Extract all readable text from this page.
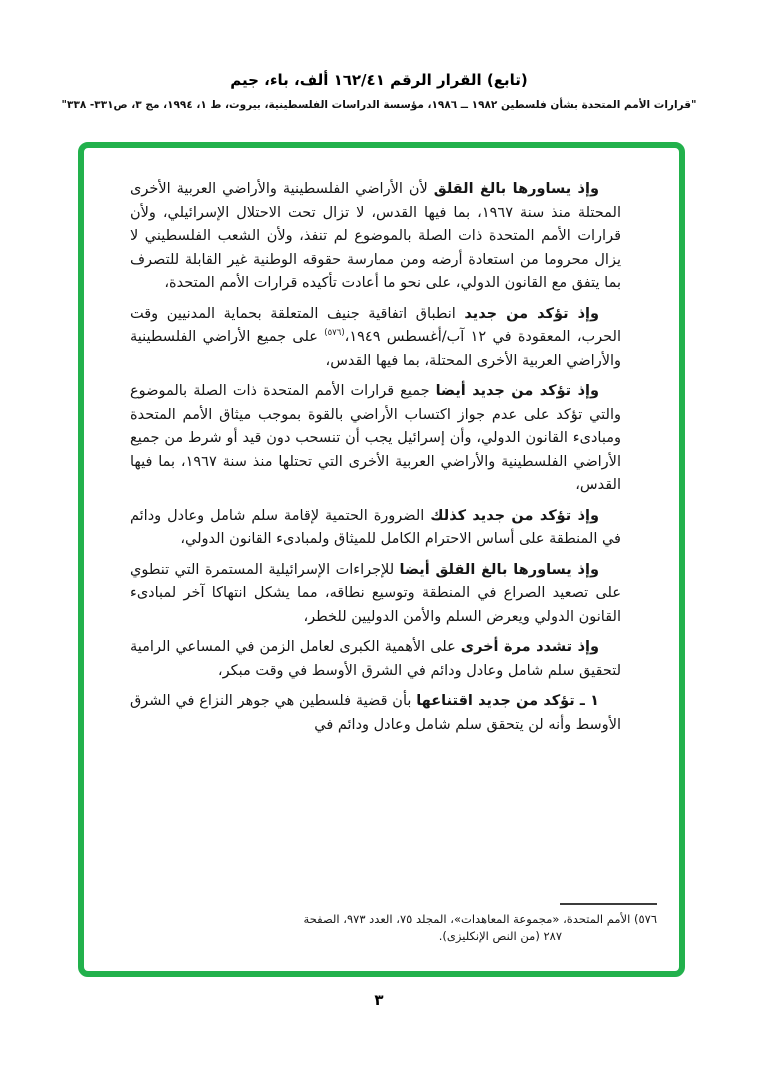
(تابع) القرار الرقم ١٦٢/٤١ ألف، باء، جيم
"قرارات الأمم المتحدة بشأن فلسطين ١٩٨٢ ــ ١٩٨٦، مؤسسة الدراسات الفلسطينية، بيروت، ط ١، ١٩٩٤، مج ٣، ص٣٣١- ٣٣٨"

وإذ يساورها بالغ القلق لأن الأراضي الفلسطينية والأراضي العربية الأخرى المحتلة منذ سنة ١٩٦٧، بما فيها القدس، لا تزال تحت الاحتلال الإسرائيلي، ولأن قرارات الأمم المتحدة ذات الصلة بالموضوع لم تنفذ، ولأن الشعب الفلسطيني لا يزال محروما من استعادة أرضه ومن ممارسة حقوقه الوطنية غير القابلة للتصرف بما يتفق مع القانون الدولي، على نحو ما أعادت تأكيده قرارات الأمم المتحدة،

وإذ تؤكد من جديد انطباق اتفاقية جنيف المتعلقة بحماية المدنيين وقت الحرب، المعقودة في ١٢ آب/أغسطس ١٩٤٩،$^{(٥٧٦)}$ على جميع الأراضي الفلسطينية والأراضي العربية الأخرى المحتلة، بما فيها القدس،

وإذ تؤكد من جديد أيضا جميع قرارات الأمم المتحدة ذات الصلة بالموضوع والتي تؤكد على عدم جواز اكتساب الأراضي بالقوة بموجب ميثاق الأمم المتحدة ومبادىء القانون الدولي، وأن إسرائيل يجب أن تنسحب دون قيد أو شرط من جميع الأراضي الفلسطينية والأراضي العربية الأخرى التي تحتلها منذ سنة ١٩٦٧، بما فيها القدس،

وإذ تؤكد من جديد كذلك الضرورة الحتمية لإقامة سلم شامل وعادل ودائم في المنطقة على أساس الاحترام الكامل للميثاق ولمبادىء القانون الدولي،

وإذ يساورها بالغ القلق أيضا للإجراءات الإسرائيلية المستمرة التي تنطوي على تصعيد الصراع في المنطقة وتوسيع نطاقه، مما يشكل انتهاكا آخر لمبادىء القانون الدولي ويعرض السلم والأمن الدوليين للخطر،

وإذ تشدد مرة أخرى على الأهمية الكبرى لعامل الزمن في المساعي الرامية لتحقيق سلم شامل وعادل ودائم في الشرق الأوسط في وقت مبكر،

١ ـ تؤكد من جديد اقتناعها بأن قضية فلسطين هي جوهر النزاع في الشرق الأوسط وأنه لن يتحقق سلم شامل وعادل ودائم في

٥٧٦) الأمم المتحدة، «مجموعة المعاهدات»، المجلد ٧٥، العدد ٩٧٣، الصفحة
٢٨٧ (من النص الإنكليزى).
٣
